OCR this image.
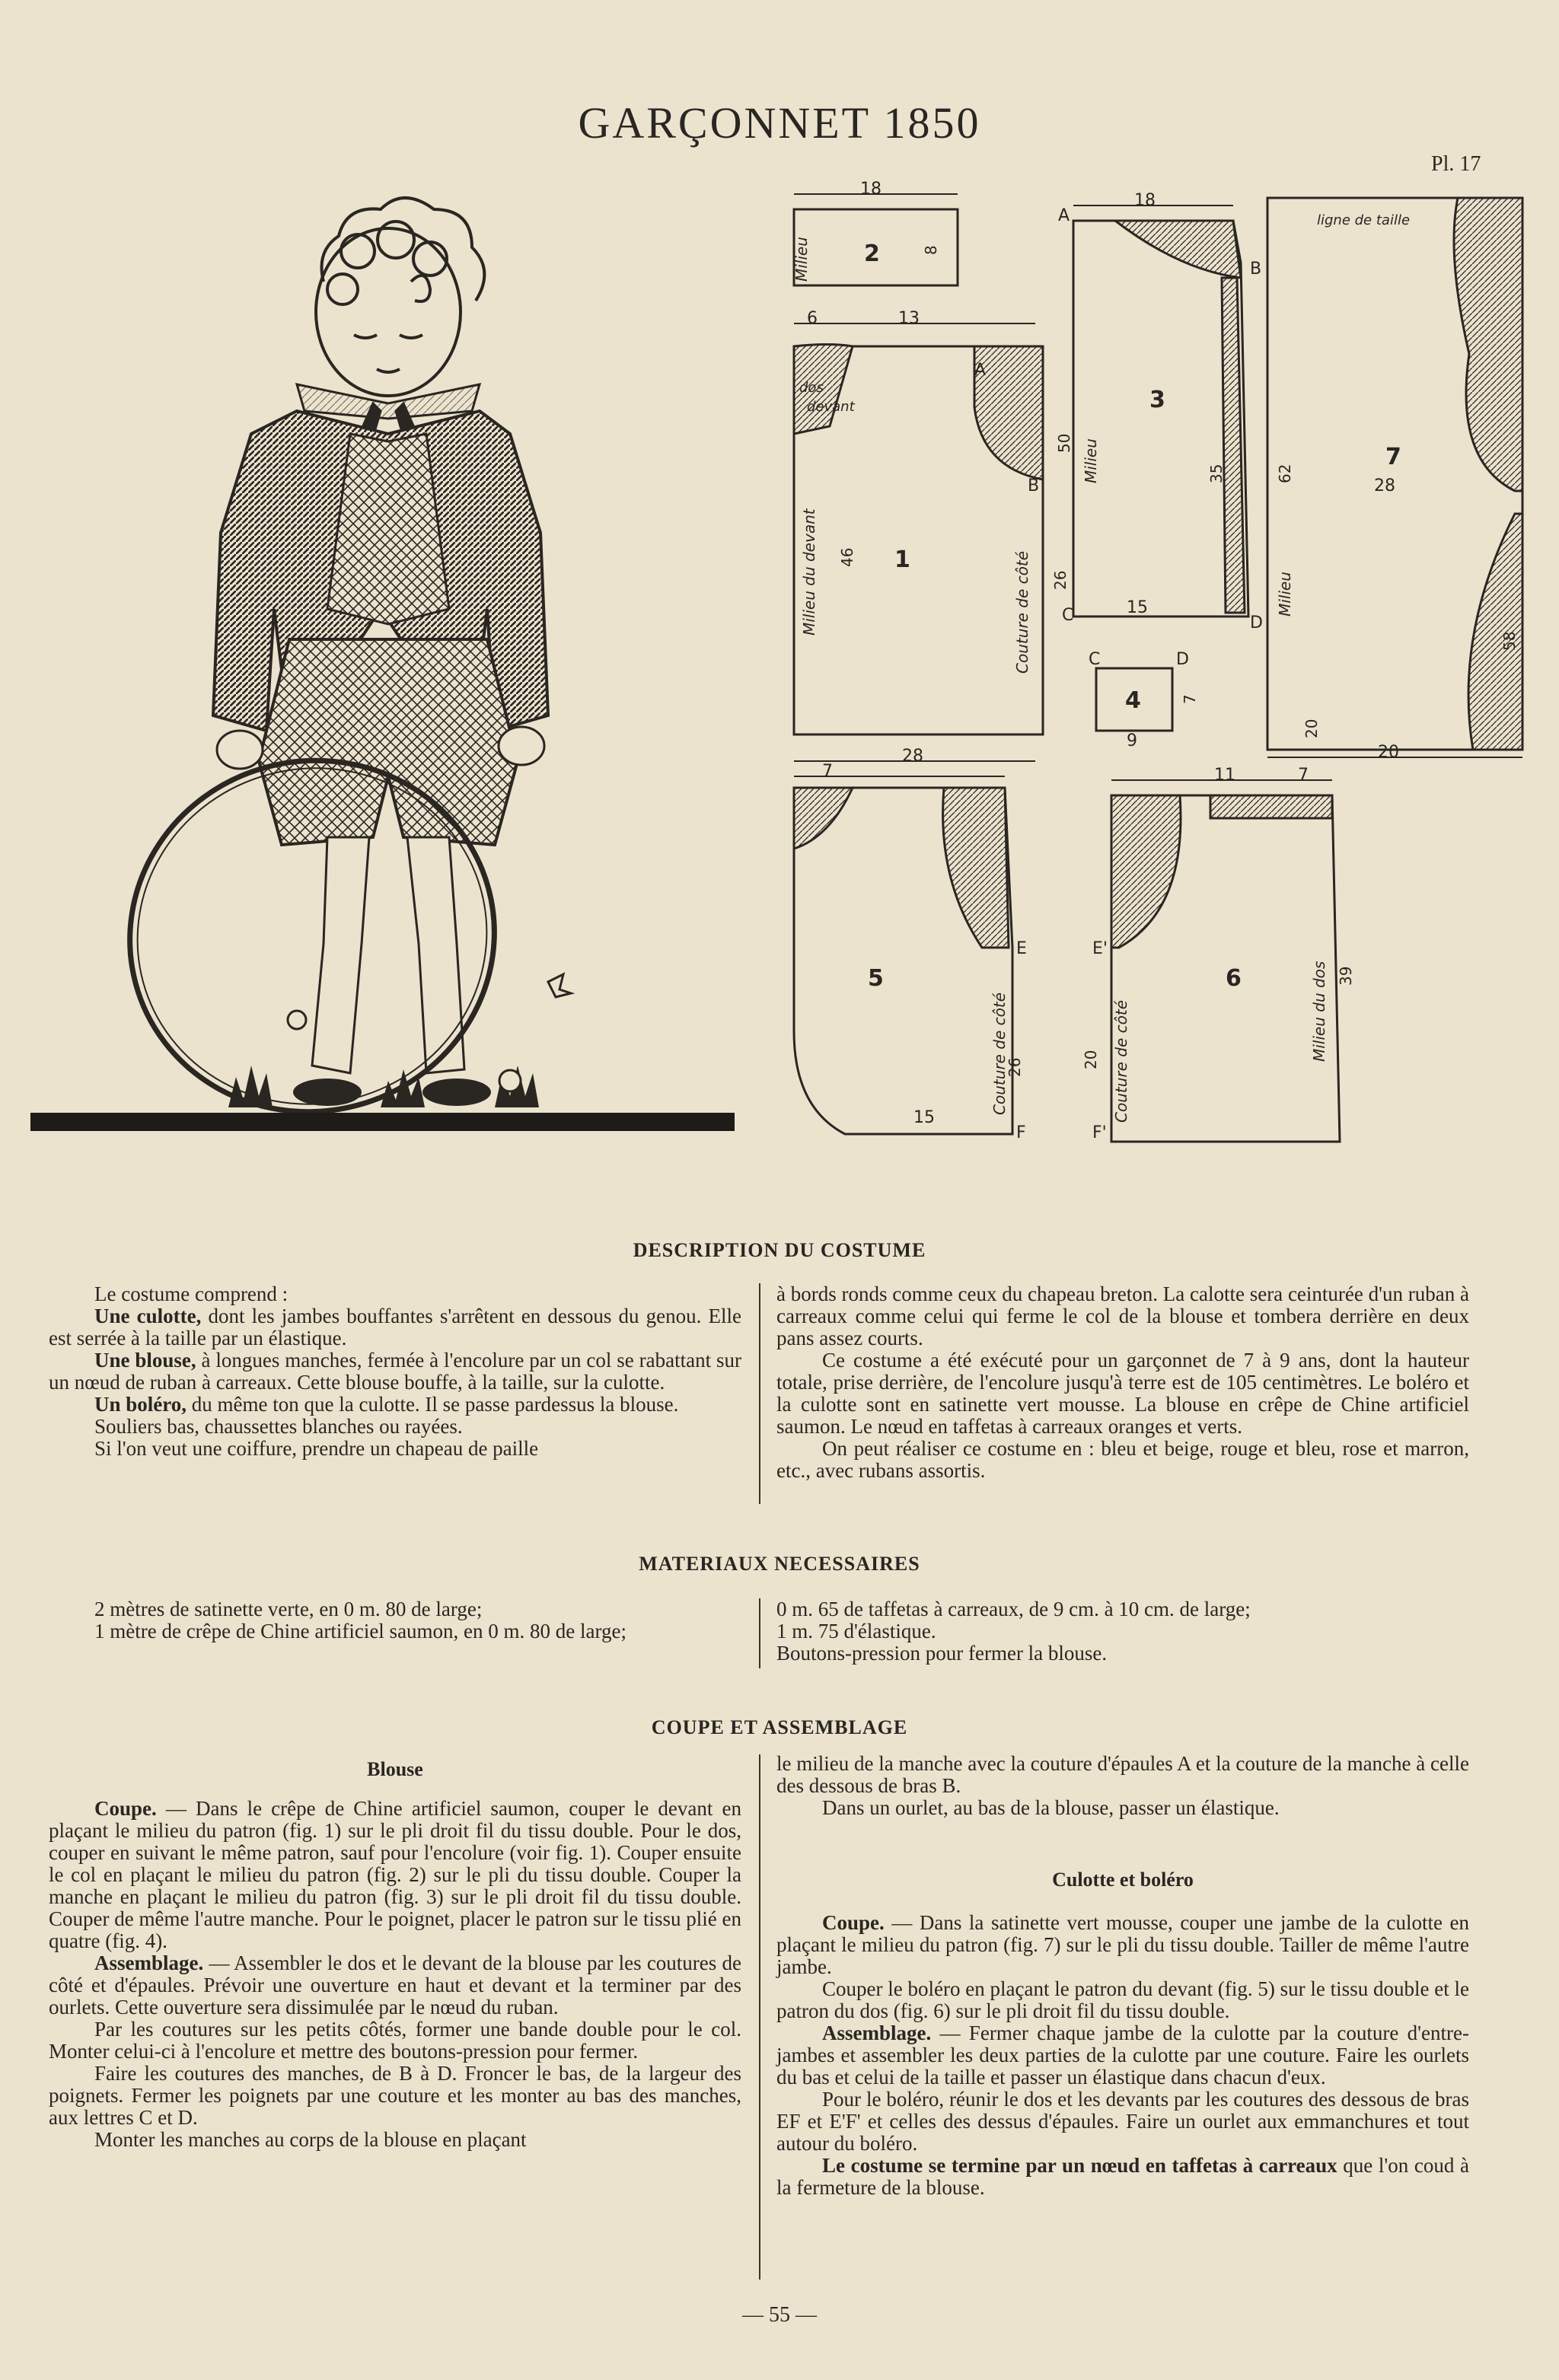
GARÇONNET 1850
Pl. 17
18
2
6	13
18
1
3
4
7
5	6
28	20
28
15
9
15
11	7
7
A
B
A
B
C	D
C	D
E
F
E'
F'
ligne de taille
dos
devant
Milieu du devant	Couture de côté
Milieu
Milieu
Milieu
Couture de côté	Couture de côté	Milieu du dos
46
26
50
35	62
58
7
8
26	20
39
20
DESCRIPTION DU COSTUME

Le costume comprend :

Une culotte, dont les jambes bouffantes s'arrêtent en dessous du genou. Elle est serrée à la taille par un élastique.

Une blouse, à longues manches, fermée à l'encolure par un col se rabattant sur un nœud de ruban à carreaux. Cette blouse bouffe, à la taille, sur la culotte.

Un boléro, du même ton que la culotte. Il se passe pardessus la blouse.

Souliers bas, chaussettes blanches ou rayées.

Si l'on veut une coiffure, prendre un chapeau de paille

à bords ronds comme ceux du chapeau breton. La calotte sera ceinturée d'un ruban à carreaux comme celui qui ferme le col de la blouse et tombera derrière en deux pans assez courts.

Ce costume a été exécuté pour un garçonnet de 7 à 9 ans, dont la hauteur totale, prise derrière, de l'encolure jusqu'à terre est de 105 centimètres. Le boléro et la culotte sont en satinette vert mousse. La blouse en crêpe de Chine artificiel saumon. Le nœud en taffetas à carreaux oranges et verts.

On peut réaliser ce costume en : bleu et beige, rouge et bleu, rose et marron, etc., avec rubans assortis.

MATERIAUX NECESSAIRES

2 mètres de satinette verte, en 0 m. 80 de large;

1 mètre de crêpe de Chine artificiel saumon, en 0 m. 80 de large;

0 m. 65 de taffetas à carreaux, de 9 cm. à 10 cm. de large;

1 m. 75 d'élastique.

Boutons-pression pour fermer la blouse.

COUPE ET ASSEMBLAGE
Blouse

Coupe. — Dans le crêpe de Chine artificiel saumon, couper le devant en plaçant le milieu du patron (fig. 1) sur le pli droit fil du tissu double. Pour le dos, couper en suivant le même patron, sauf pour l'encolure (voir fig. 1). Couper ensuite le col en plaçant le milieu du patron (fig. 2) sur le pli du tissu double. Couper la manche en plaçant le milieu du patron (fig. 3) sur le pli droit fil du tissu double. Couper de même l'autre manche. Pour le poignet, placer le patron sur le tissu plié en quatre (fig. 4).

Assemblage. — Assembler le dos et le devant de la blouse par les coutures de côté et d'épaules. Prévoir une ouverture en haut et devant et la terminer par des ourlets. Cette ouverture sera dissimulée par le nœud du ruban.

Par les coutures sur les petits côtés, former une bande double pour le col. Monter celui-ci à l'encolure et mettre des boutons-pression pour fermer.

Faire les coutures des manches, de B à D. Froncer le bas, de la largeur des poignets. Fermer les poignets par une couture et les monter au bas des manches, aux lettres C et D.

Monter les manches au corps de la blouse en plaçant

le milieu de la manche avec la couture d'épaules A et la couture de la manche à celle des dessous de bras B.

Dans un ourlet, au bas de la blouse, passer un élastique.

Culotte et boléro

Coupe. — Dans la satinette vert mousse, couper une jambe de la culotte en plaçant le milieu du patron (fig. 7) sur le pli du tissu double. Tailler de même l'autre jambe.

Couper le boléro en plaçant le patron du devant (fig. 5) sur le tissu double et le patron du dos (fig. 6) sur le pli droit fil du tissu double.

Assemblage. — Fermer chaque jambe de la culotte par la couture d'entre-jambes et assembler les deux parties de la culotte par une couture. Faire les ourlets du bas et celui de la taille et passer un élastique dans chacun d'eux.

Pour le boléro, réunir le dos et les devants par les coutures des dessous de bras EF et E'F' et celles des dessus d'épaules. Faire un ourlet aux emmanchures et tout autour du boléro.

Le costume se termine par un nœud en taffetas à carreaux que l'on coud à la fermeture de la blouse.

— 55 —
